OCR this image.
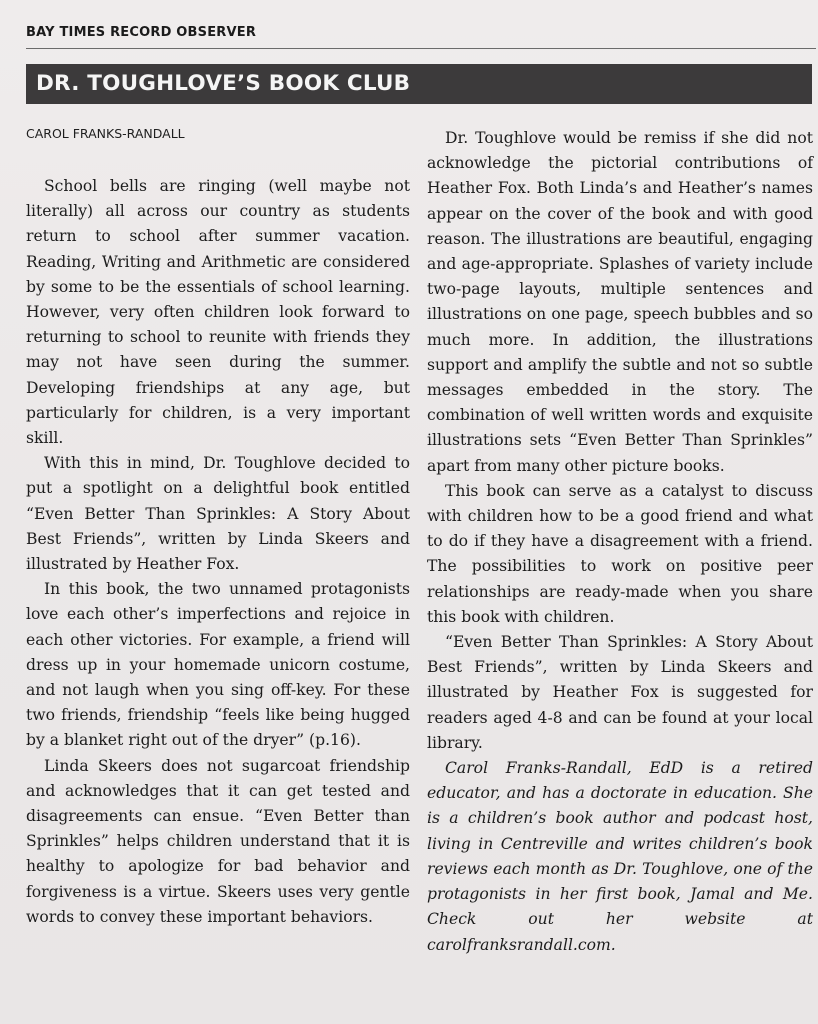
BAY TIMES RECORD OBSERVER
DR. TOUGHLOVE’S BOOK CLUB
CAROL FRANKS-RANDALL

School bells are ringing (well maybe not literally) all across our country as students return to school after summer vacation. Reading, Writing and Arithmetic are considered by some to be the essentials of school learning. However, very often children look forward to returning to school to reunite with friends they may not have seen during the summer. Developing friendships at any age, but particularly for children, is a very important skill.

With this in mind, Dr. Toughlove decided to put a spotlight on a delightful book entitled “Even Better Than Sprinkles: A Story About Best Friends”, written by Linda Skeers and illustrated by Heather Fox.

In this book, the two unnamed protagonists love each other’s imperfections and rejoice in each other victories. For example, a friend will dress up in your homemade unicorn costume, and not laugh when you sing off-key. For these two friends, friendship “feels like being hugged by a blanket right out of the dryer” (p.16).

Linda Skeers does not sugarcoat friendship and acknowledges that it can get tested and disagreements can ensue. “Even Better than Sprinkles” helps children understand that it is healthy to apologize for bad behavior and forgiveness is a virtue. Skeers uses very gentle words to convey these important behaviors.

Dr. Toughlove would be remiss if she did not acknowledge the pictorial contributions of Heather Fox. Both Linda’s and Heather’s names appear on the cover of the book and with good reason. The illustrations are beautiful, engaging and age-appropriate. Splashes of variety include two-page layouts, multiple sentences and illustrations on one page, speech bubbles and so much more. In addition, the illustrations support and amplify the subtle and not so subtle messages embedded in the story. The combination of well written words and exquisite illustrations sets “Even Better Than Sprinkles” apart from many other picture books.

This book can serve as a catalyst to discuss with children how to be a good friend and what to do if they have a disagreement with a friend. The possibilities to work on positive peer relationships are ready-made when you share this book with children.

“Even Better Than Sprinkles: A Story About Best Friends”, written by Linda Skeers and illustrated by Heather Fox is suggested for readers aged 4-8 and can be found at your local library.

Carol Franks-Randall, EdD is a retired educator, and has a doctorate in education. She is a children’s book author and podcast host, living in Centreville and writes children’s book reviews each month as Dr. Toughlove, one of the protagonists in her first book, Jamal and Me. Check out her website at carolfranksrandall.com.
